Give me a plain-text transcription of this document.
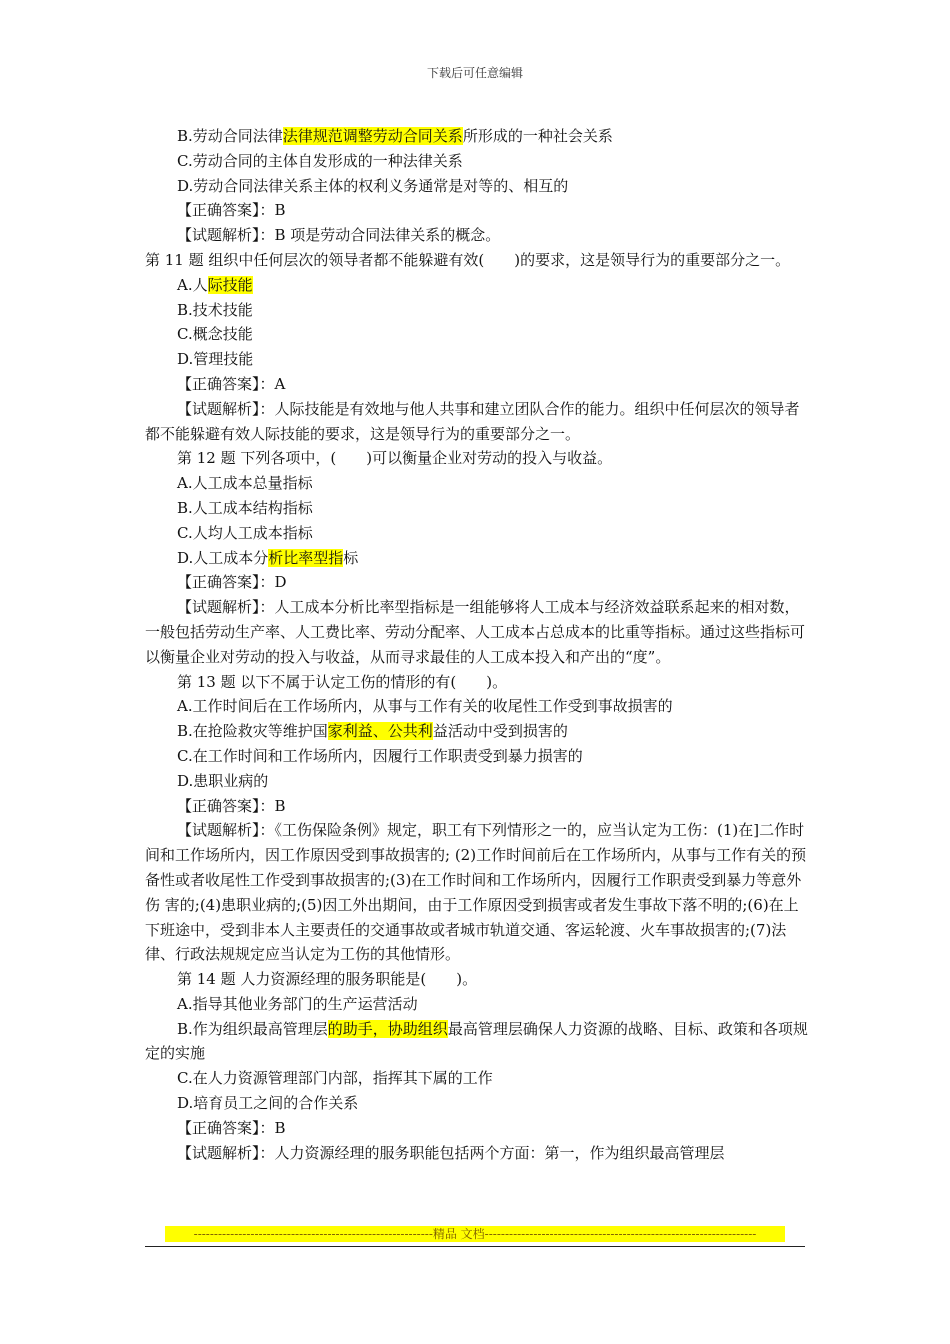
下载后可任意编辑

B.劳动合同法律法律规范调整劳动合同关系所形成的一种社会关系

C.劳动合同的主体自发形成的一种法律关系

D.劳动合同法律关系主体的权利义务通常是对等的、相互的

【正确答案】：B

【试题解析】：B 项是劳动合同法律关系的概念。

第 11 题 组织中任何层次的领导者都不能躲避有效(　　)的要求，这是领导行为的重要部分之一。

A.人际技能

B.技术技能

C.概念技能

D.管理技能

【正确答案】：A

【试题解析】：人际技能是有效地与他人共事和建立团队合作的能力。组织中任何层次的领导者都不能躲避有效人际技能的要求，这是领导行为的重要部分之一。

第 12 题 下列各项中，(　　)可以衡量企业对劳动的投入与收益。

A.人工成本总量指标

B.人工成本结构指标

C.人均人工成本指标

D.人工成本分析比率型指标

【正确答案】：D

【试题解析】：人工成本分析比率型指标是一组能够将人工成本与经济效益联系起来的相对数，一般包括劳动生产率、人工费比率、劳动分配率、人工成本占总成本的比重等指标。通过这些指标可以衡量企业对劳动的投入与收益，从而寻求最佳的人工成本投入和产出的“度”。

第 13 题 以下不属于认定工伤的情形的有(　　)。

A.工作时间后在工作场所内，从事与工作有关的收尾性工作受到事故损害的

B.在抢险救灾等维护国家利益、公共利益活动中受到损害的

C.在工作时间和工作场所内，因履行工作职责受到暴力损害的

D.患职业病的

【正确答案】：B

【试题解析】：《工伤保险条例》规定，职工有下列情形之一的，应当认定为工伤：(1)在]二作时间和工作场所内，因工作原因受到事故损害的; (2)工作时间前后在工作场所内，从事与工作有关的预备性或者收尾性工作受到事故损害的;(3)在工作时间和工作场所内，因履行工作职责受到暴力等意外伤 害的;(4)患职业病的;(5)因工外出期间，由于工作原因受到损害或者发生事故下落不明的;(6)在上下班途中，受到非本人主要责任的交通事故或者城市轨道交通、客运轮渡、火车事故损害的;(7)法律、行政法规规定应当认定为工伤的其他情形。

第 14 题 人力资源经理的服务职能是(　　)。

A.指导其他业务部门的生产运营活动

B.作为组织最高管理层的助手，协助组织最高管理层确保人力资源的战略、目标、政策和各项规定的实施

C.在人力资源管理部门内部，指挥其下属的工作

D.培育员工之间的合作关系

【正确答案】：B

【试题解析】：人力资源经理的服务职能包括两个方面：第一，作为组织最高管理层

-----------------------------------------------------------精品 文档-------------------------------------------------------------------
